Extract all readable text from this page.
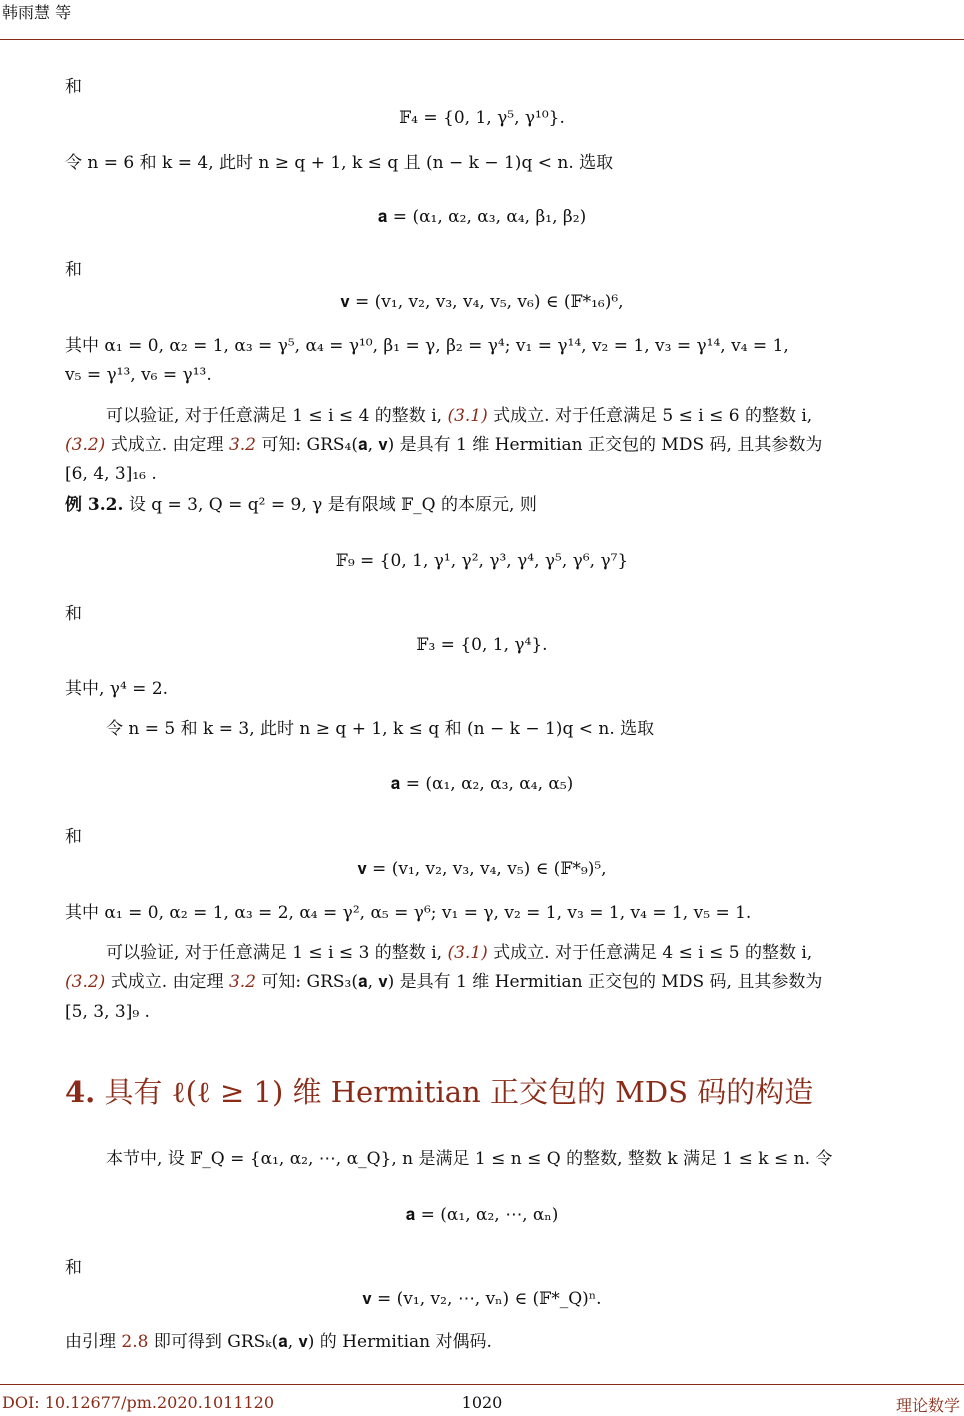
韩雨慧 等
和
𝔽₄ = {0, 1, γ⁵, γ¹⁰}.
令 n = 6 和 k = 4, 此时 n ≥ q + 1, k ≤ q 且 (n − k − 1)q < n. 选取
𝐚 = (α₁, α₂, α₃, α₄, β₁, β₂)
和
𝐯 = (v₁, v₂, v₃, v₄, v₅, v₆) ∈ (𝔽*₁₆)⁶,
其中 α₁ = 0, α₂ = 1, α₃ = γ⁵, α₄ = γ¹⁰, β₁ = γ, β₂ = γ⁴; v₁ = γ¹⁴, v₂ = 1, v₃ = γ¹⁴, v₄ = 1,
v₅ = γ¹³, v₆ = γ¹³.
可以验证, 对于任意满足 1 ≤ i ≤ 4 的整数 i, (3.1) 式成立. 对于任意满足 5 ≤ i ≤ 6 的整数 i,
(3.2) 式成立. 由定理 3.2 可知: GRS₄(𝐚, 𝐯) 是具有 1 维 Hermitian 正交包的 MDS 码, 且其参数为
[6, 4, 3]₁₆ .
例 3.2. 设 q = 3, Q = q² = 9, γ 是有限域 𝔽_Q 的本原元, 则
𝔽₉ = {0, 1, γ¹, γ², γ³, γ⁴, γ⁵, γ⁶, γ⁷}
和
𝔽₃ = {0, 1, γ⁴}.
其中, γ⁴ = 2.
令 n = 5 和 k = 3, 此时 n ≥ q + 1, k ≤ q 和 (n − k − 1)q < n. 选取
𝐚 = (α₁, α₂, α₃, α₄, α₅)
和
𝐯 = (v₁, v₂, v₃, v₄, v₅) ∈ (𝔽*₉)⁵,
其中 α₁ = 0, α₂ = 1, α₃ = 2, α₄ = γ², α₅ = γ⁶; v₁ = γ, v₂ = 1, v₃ = 1, v₄ = 1, v₅ = 1.
可以验证, 对于任意满足 1 ≤ i ≤ 3 的整数 i, (3.1) 式成立. 对于任意满足 4 ≤ i ≤ 5 的整数 i,
(3.2) 式成立. 由定理 3.2 可知: GRS₃(𝐚, 𝐯) 是具有 1 维 Hermitian 正交包的 MDS 码, 且其参数为
[5, 3, 3]₉ .
4. 具有 ℓ(ℓ ≥ 1) 维 Hermitian 正交包的 MDS 码的构造
本节中, 设 𝔽_Q = {α₁, α₂, ⋯, α_Q}, n 是满足 1 ≤ n ≤ Q 的整数, 整数 k 满足 1 ≤ k ≤ n. 令
𝐚 = (α₁, α₂, ⋯, αₙ)
和
𝐯 = (v₁, v₂, ⋯, vₙ) ∈ (𝔽*_Q)ⁿ.
由引理 2.8 即可得到 GRSₖ(𝐚, 𝐯) 的 Hermitian 对偶码.
DOI: 10.12677/pm.2020.1011120	1020	理论数学
